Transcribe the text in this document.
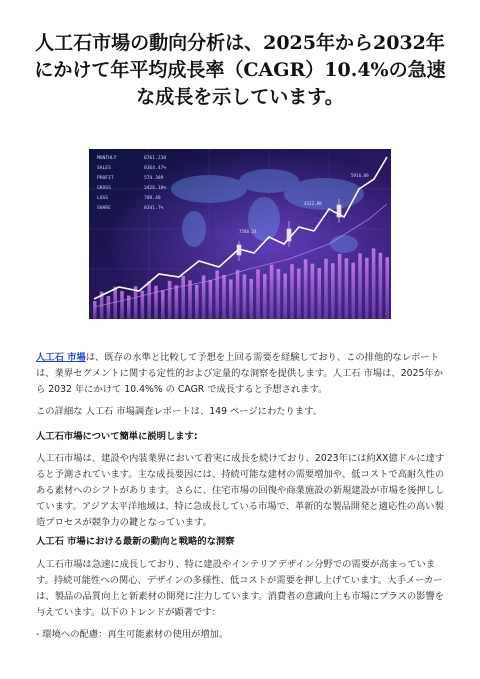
人工石市場の動向分析は、2025年から2032年にかけて年平均成長率（CAGR）10.4%の急速な成長を示しています。
MONTHLY
SALES
PROFIT
GROSS
LOSS
SHARE
8761.238
8364.47%
574.389
3426.18%
789.48
8341.7%
7586.24
4312.88
5916.09

人工石 市場は、既存の水準と比較して予想を上回る需要を経験しており、この排他的なレポートは、業界セグメントに関する定性的および定量的な洞察を提供します。人工石 市場は、2025年から 2032 年にかけて 10.4%% の CAGR で成長すると予想されます。

この詳細な 人工石 市場調査レポートは、149 ページにわたります。

人工石市場について簡単に説明します:

人工石市場は、建設や内装業界において着実に成長を続けており、2023年には約XX億ドルに達すると予測されています。主な成長要因には、持続可能な建材の需要増加や、低コストで高耐久性のある素材へのシフトがあります。さらに、住宅市場の回復や商業施設の新規建設が市場を後押ししています。アジア太平洋地域は、特に急成長している市場で、革新的な製品開発と適応性の高い製造プロセスが競争力の鍵となっています。

人工石 市場における最新の動向と戦略的な洞察

人工石市場は急速に成長しており、特に建設やインテリアデザイン分野での需要が高まっています。持続可能性への関心、デザインの多様性、低コストが需要を押し上げています。大手メーカーは、製品の品質向上と新素材の開発に注力しています。消費者の意識向上も市場にプラスの影響を与えています。以下のトレンドが顕著です：

- 環境への配慮：再生可能素材の使用が増加。
